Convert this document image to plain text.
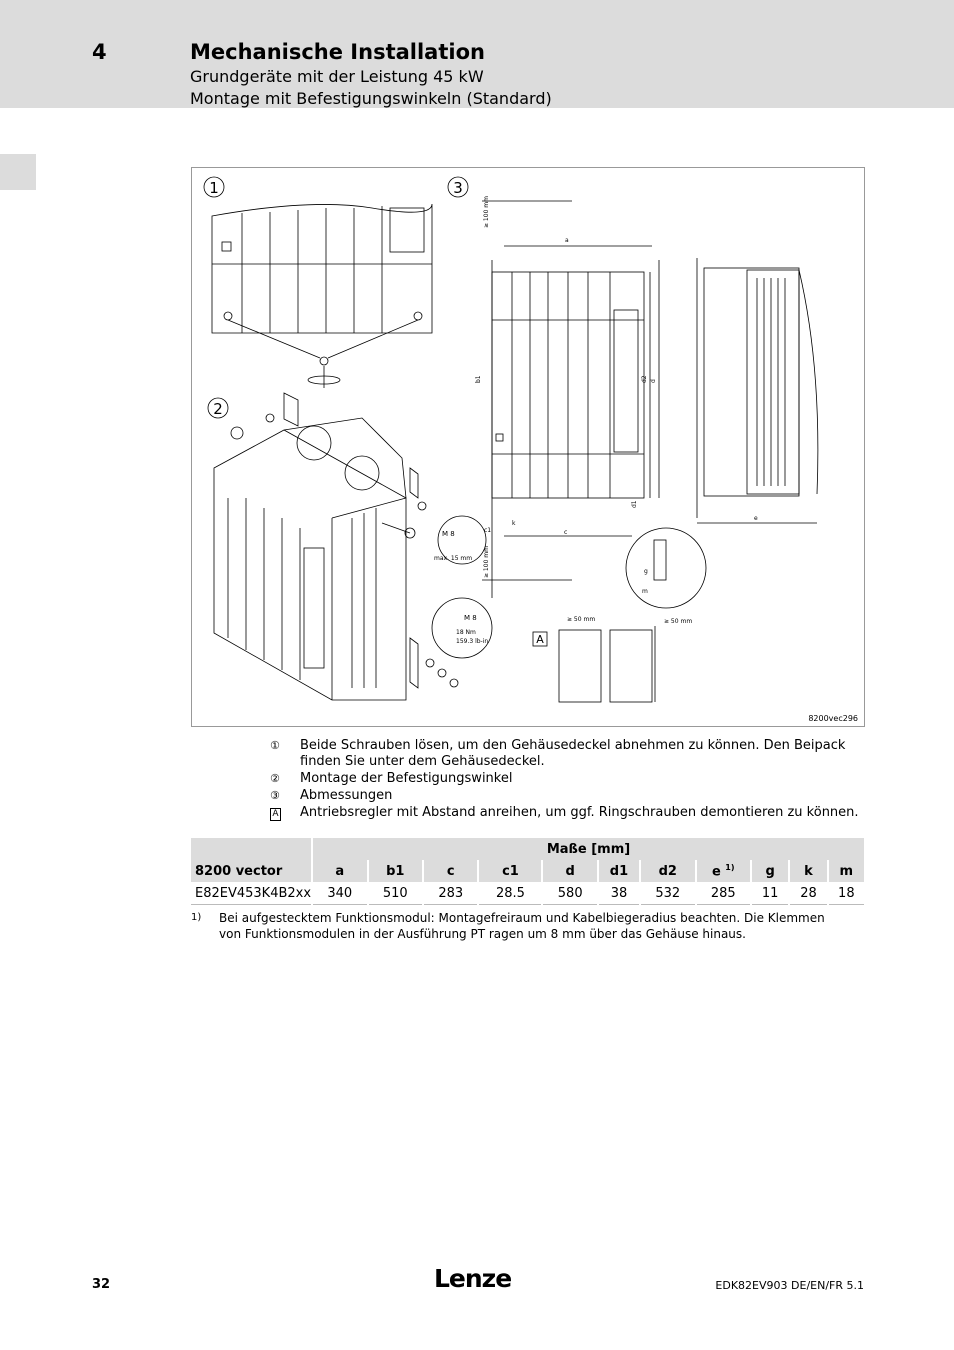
4	Mechanische Installation
Grundgeräte mit der Leistung 45 kW
Montage mit Befestigungswinkeln (Standard)
1	3
2
A
M 8
max. 15 mm
M 8
18 Nm
159.3 lb-in
≥ 100 mm
a
b1	d
d2
d1
c
c1
k
≥ 100 mm	g
m
e
≥ 50 mm	≥ 50 mm
8200vec296
① Beide Schrauben lösen, um den Gehäusedeckel abnehmen zu können. Den Beipack finden Sie unter dem Gehäusedeckel.
② Montage der Befestigungswinkel
③ Abmessungen
A Antriebsregler mit Abstand anreihen, um ggf. Ringschrauben demontieren zu können.
	Maße [mm]										
8200 vector	a	b1	c	c1	d	d1	d2	e $^{1)}$	g	k	m
E82EV453K4B2xx	340	510	283	28.5	580	38	532	285	11	28	18
1) Bei aufgestecktem Funktionsmodul: Montagefreiraum und Kabelbiegeradius beachten. Die Klemmen von Funktionsmodulen in der Ausführung PT ragen um 8 mm über das Gehäuse hinaus.
32	Lenze	EDK82EV903 DE/EN/FR 5.1
